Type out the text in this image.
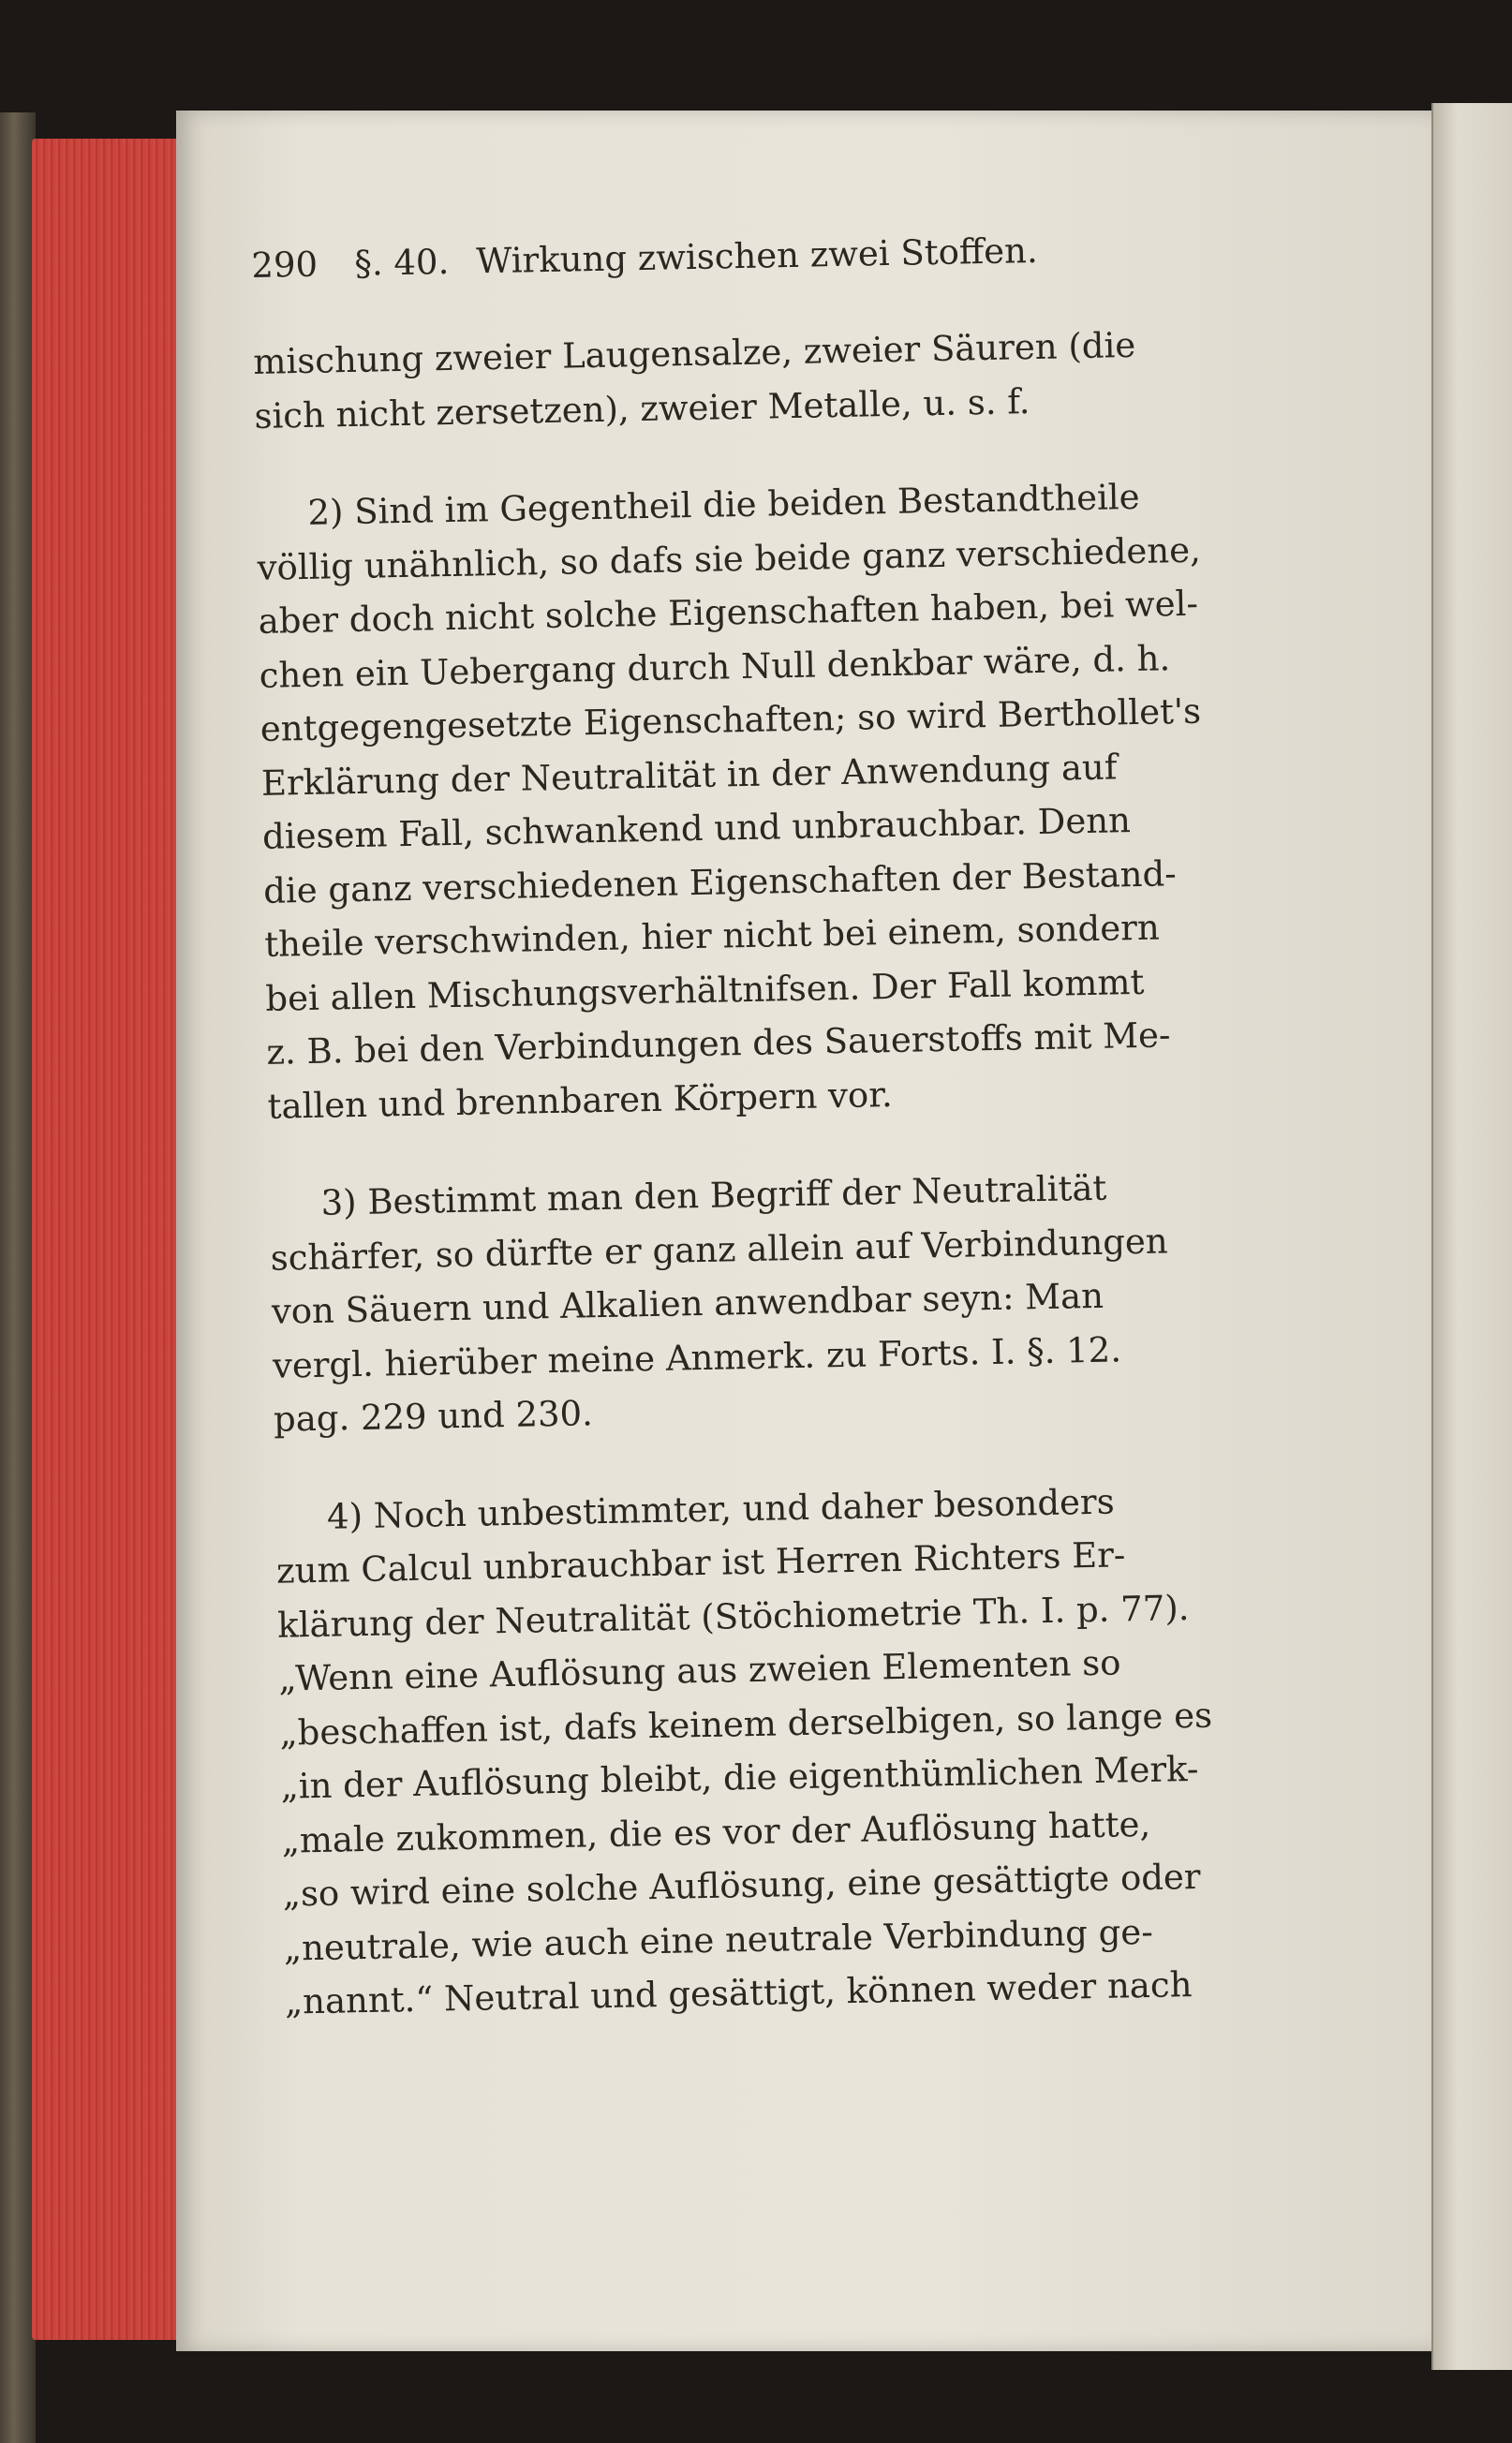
290	§. 40. Wirkung zwischen zwei Stoffen.
mischung zweier Laugensalze, zweier Säuren (die
sich nicht zersetzen), zweier Metalle, u. s. f.
2) Sind im Gegentheil die beiden Bestandtheile
völlig unähnlich, so dafs sie beide ganz verschiedene,
aber doch nicht solche Eigenschaften haben, bei wel-
chen ein Uebergang durch Null denkbar wäre, d. h.
entgegengesetzte Eigenschaften; so wird Berthollet's
Erklärung der Neutralität in der Anwendung auf
diesem Fall, schwankend und unbrauchbar. Denn
die ganz verschiedenen Eigenschaften der Bestand-
theile verschwinden, hier nicht bei einem, sondern
bei allen Mischungsverhältnifsen. Der Fall kommt
z. B. bei den Verbindungen des Sauerstoffs mit Me-
tallen und brennbaren Körpern vor.
3) Bestimmt man den Begriff der Neutralität
schärfer, so dürfte er ganz allein auf Verbindungen
von Säuern und Alkalien anwendbar seyn: Man
vergl. hierüber meine Anmerk. zu Forts. I. §. 12.
pag. 229 und 230.
4) Noch unbestimmter, und daher besonders
zum Calcul unbrauchbar ist Herren Richters Er-
klärung der Neutralität (Stöchiometrie Th. I. p. 77).
„Wenn eine Auflösung aus zweien Elementen so
„beschaffen ist, dafs keinem derselbigen, so lange es
„in der Auflösung bleibt, die eigenthümlichen Merk-
„male zukommen, die es vor der Auflösung hatte,
„so wird eine solche Auflösung, eine gesättigte oder
„neutrale, wie auch eine neutrale Verbindung ge-
„nannt.“ Neutral und gesättigt, können weder nach
